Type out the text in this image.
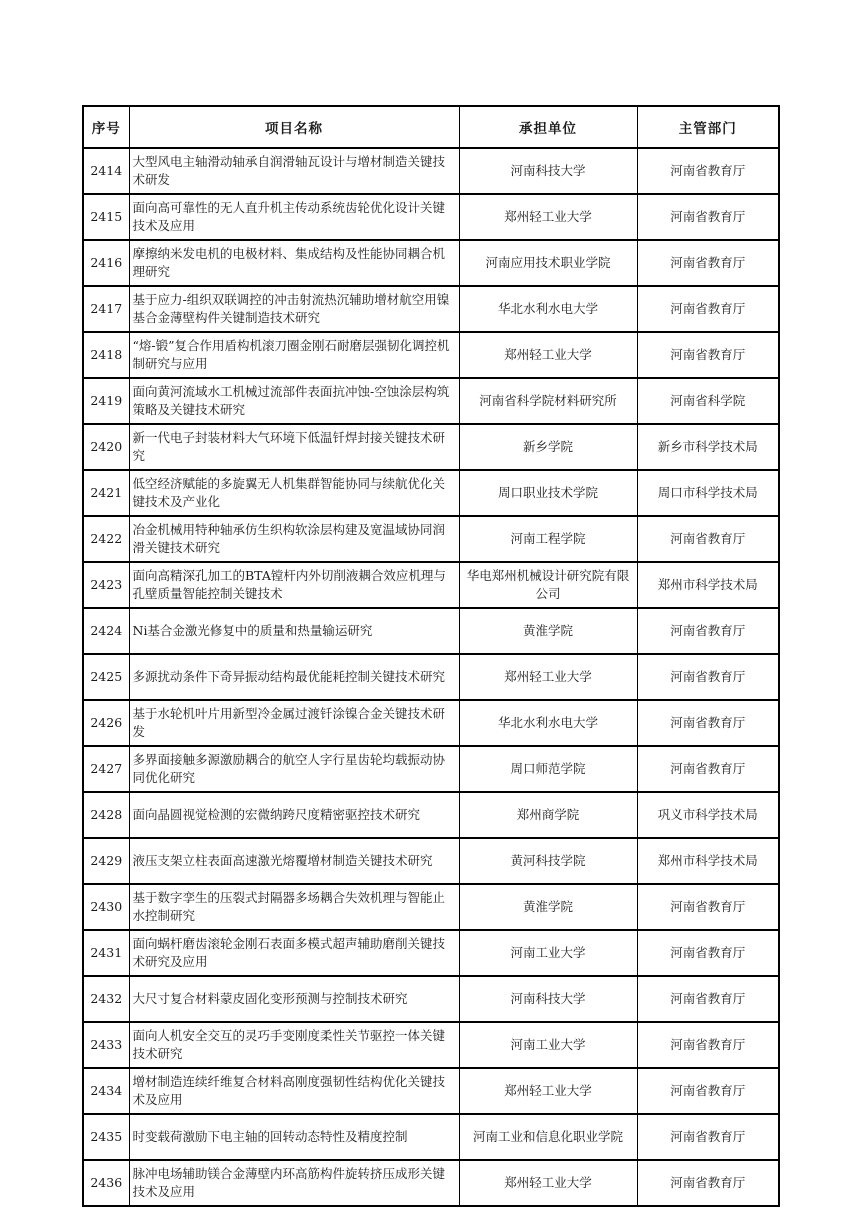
序号	项目名称	承担单位	主管部门
2414	大型风电主轴滑动轴承自润滑轴瓦设计与增材制造关键技术研发	河南科技大学	河南省教育厅
2415	面向高可靠性的无人直升机主传动系统齿轮优化设计关键技术及应用	郑州轻工业大学	河南省教育厅
2416	摩擦纳米发电机的电极材料、集成结构及性能协同耦合机理研究	河南应用技术职业学院	河南省教育厅
2417	基于应力-组织双联调控的冲击射流热沉辅助增材航空用镍基合金薄壁构件关键制造技术研究	华北水利水电大学	河南省教育厅
2418	“熔-锻”复合作用盾构机滚刀圈金刚石耐磨层强韧化调控机制研究与应用	郑州轻工业大学	河南省教育厅
2419	面向黄河流域水工机械过流部件表面抗冲蚀-空蚀涂层构筑策略及关键技术研究	河南省科学院材料研究所	河南省科学院
2420	新一代电子封装材料大气环境下低温钎焊封接关键技术研究	新乡学院	新乡市科学技术局
2421	低空经济赋能的多旋翼无人机集群智能协同与续航优化关键技术及产业化	周口职业技术学院	周口市科学技术局
2422	冶金机械用特种轴承仿生织构软涂层构建及宽温域协同润滑关键技术研究	河南工程学院	河南省教育厅
2423	面向高精深孔加工的BTA镗杆内外切削液耦合效应机理与孔壁质量智能控制关键技术	华电郑州机械设计研究院有限公司	郑州市科学技术局
2424	Ni基合金激光修复中的质量和热量输运研究	黄淮学院	河南省教育厅
2425	多源扰动条件下奇异振动结构最优能耗控制关键技术研究	郑州轻工业大学	河南省教育厅
2426	基于水轮机叶片用新型冷金属过渡钎涂镍合金关键技术研发	华北水利水电大学	河南省教育厅
2427	多界面接触多源激励耦合的航空人字行星齿轮均载振动协同优化研究	周口师范学院	河南省教育厅
2428	面向晶圆视觉检测的宏微纳跨尺度精密驱控技术研究	郑州商学院	巩义市科学技术局
2429	液压支架立柱表面高速激光熔覆增材制造关键技术研究	黄河科技学院	郑州市科学技术局
2430	基于数字孪生的压裂式封隔器多场耦合失效机理与智能止水控制研究	黄淮学院	河南省教育厅
2431	面向蜗杆磨齿滚轮金刚石表面多模式超声辅助磨削关键技术研究及应用	河南工业大学	河南省教育厅
2432	大尺寸复合材料蒙皮固化变形预测与控制技术研究	河南科技大学	河南省教育厅
2433	面向人机安全交互的灵巧手变刚度柔性关节驱控一体关键技术研究	河南工业大学	河南省教育厅
2434	增材制造连续纤维复合材料高刚度强韧性结构优化关键技术及应用	郑州轻工业大学	河南省教育厅
2435	时变载荷激励下电主轴的回转动态特性及精度控制	河南工业和信息化职业学院	河南省教育厅
2436	脉冲电场辅助镁合金薄壁内环高筋构件旋转挤压成形关键技术及应用	郑州轻工业大学	河南省教育厅
